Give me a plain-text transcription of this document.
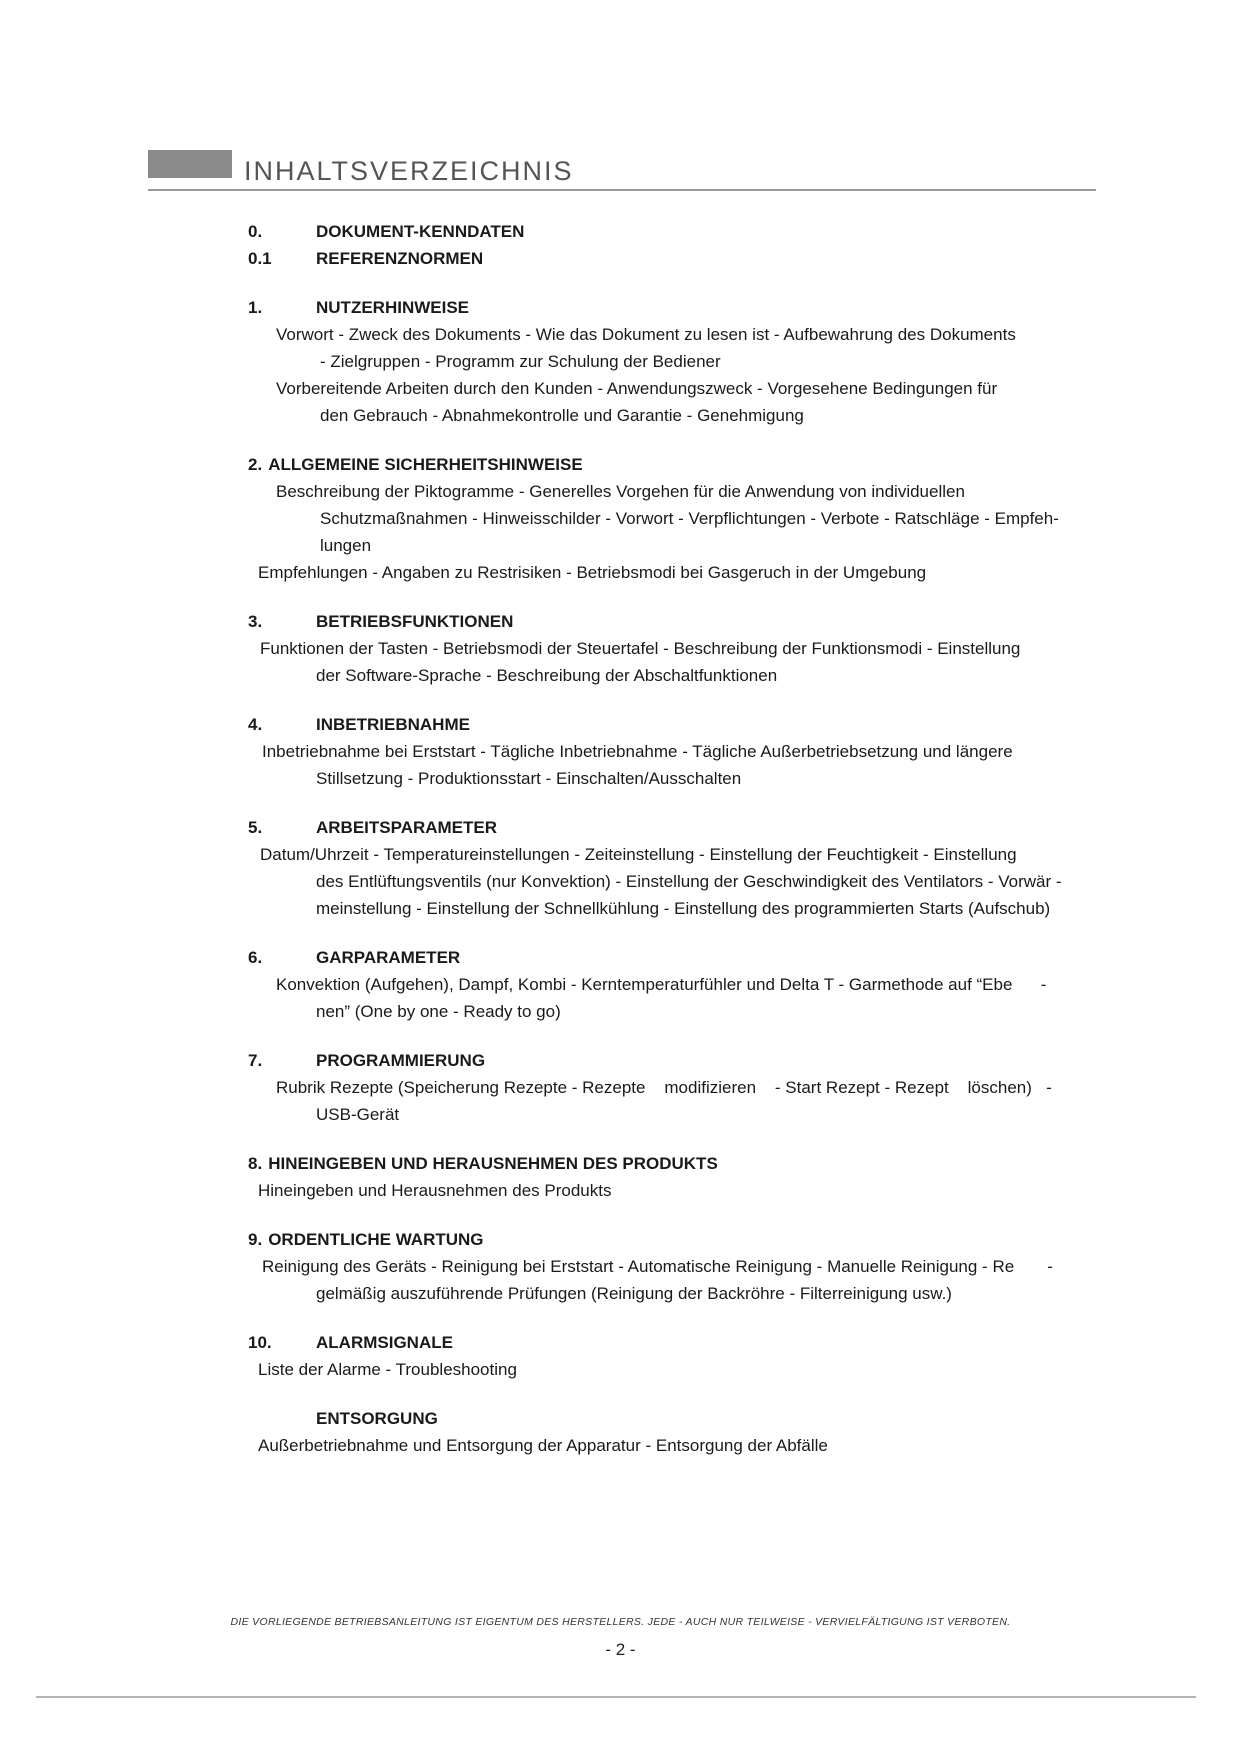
INHALTSVERZEICHNIS
0.	DOKUMENT-KENNDATEN
0.1	REFERENZNORMEN
1.	NUTZERHINWEISE
Vorwort - Zweck des Dokuments - Wie das Dokument zu lesen ist - Aufbewahrung des Dokuments
- Zielgruppen - Programm zur Schulung der Bediener
Vorbereitende Arbeiten durch den Kunden - Anwendungszweck - Vorgesehene Bedingungen für
den Gebrauch - Abnahmekontrolle und Garantie - Genehmigung
2. ALLGEMEINE SICHERHEITSHINWEISE
Beschreibung der Piktogramme - Generelles Vorgehen für die Anwendung von individuellen
Schutzmaßnahmen - Hinweisschilder - Vorwort - Verpflichtungen - Verbote - Ratschläge - Empfeh-
lungen
Empfehlungen - Angaben zu Restrisiken - Betriebsmodi bei Gasgeruch in der Umgebung
3.	BETRIEBSFUNKTIONEN
Funktionen der Tasten - Betriebsmodi der Steuertafel - Beschreibung der Funktionsmodi - Einstellung
der Software-Sprache - Beschreibung der Abschaltfunktionen
4.	INBETRIEBNAHME
Inbetriebnahme bei Erststart - Tägliche Inbetriebnahme - Tägliche Außerbetriebsetzung und längere
Stillsetzung - Produktionsstart - Einschalten/Ausschalten
5.	ARBEITSPARAMETER
Datum/Uhrzeit - Temperatureinstellungen - Zeiteinstellung - Einstellung der Feuchtigkeit - Einstellung
des Entlüftungsventils (nur Konvektion) - Einstellung der Geschwindigkeit des Ventilators - Vorwär -
meinstellung - Einstellung der Schnellkühlung - Einstellung des programmierten Starts (Aufschub)
6.	GARPARAMETER
Konvektion (Aufgehen), Dampf, Kombi - Kerntemperaturfühler und Delta T - Garmethode auf “Ebe      -
nen” (One by one - Ready to go)
7.	PROGRAMMIERUNG
Rubrik Rezepte (Speicherung Rezepte - Rezepte    modifizieren    - Start Rezept - Rezept    löschen)   -
USB-Gerät
8. HINEINGEBEN UND HERAUSNEHMEN DES PRODUKTS
Hineingeben und Herausnehmen des Produkts
9. ORDENTLICHE WARTUNG
Reinigung des Geräts - Reinigung bei Erststart - Automatische Reinigung - Manuelle Reinigung - Re       -
gelmäßig auszuführende Prüfungen (Reinigung der Backröhre - Filterreinigung usw.)
10.	ALARMSIGNALE
Liste der Alarme - Troubleshooting
ENTSORGUNG
Außerbetriebnahme und Entsorgung der Apparatur - Entsorgung der Abfälle
DIE VORLIEGENDE BETRIEBSANLEITUNG IST EIGENTUM DES HERSTELLERS. JEDE - AUCH NUR TEILWEISE - VERVIELFÄLTIGUNG IST VERBOTEN.
- 2 -
